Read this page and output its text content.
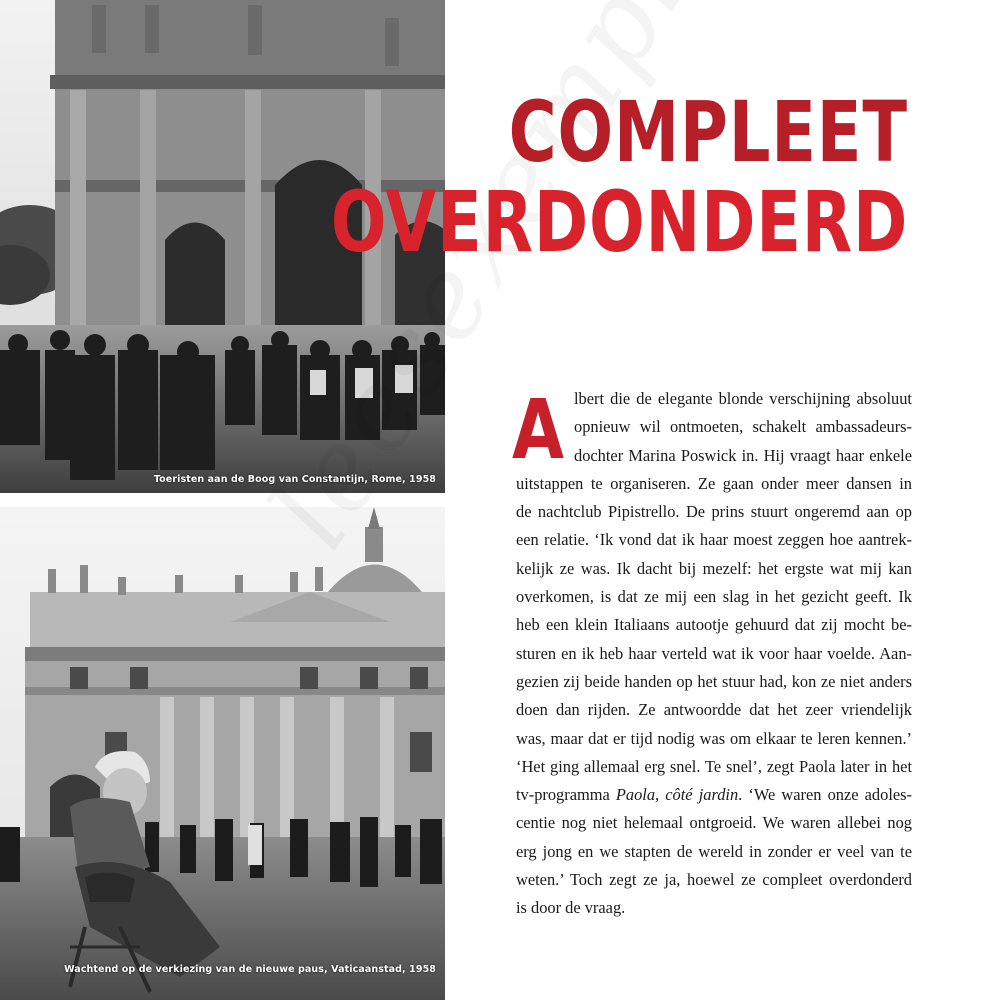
Toeristen aan de Boog van Constantijn, Rome, 1958
Wachtend op de verkiezing van de nieuwe paus, Vaticaanstad, 1958
COMPLEET
OVERDONDERD
A lbert die de elegante blonde verschijning absoluut
opnieuw wil ontmoeten, schakelt ambassadeurs-
dochter Marina Poswick in. Hij vraagt haar enkele
uitstappen te organiseren. Ze gaan onder meer dansen in
de nachtclub Pipistrello. De prins stuurt ongeremd aan op
een relatie. ‘Ik vond dat ik haar moest zeggen hoe aantrek-
kelijk ze was. Ik dacht bij mezelf: het ergste wat mij kan
overkomen, is dat ze mij een slag in het gezicht geeft. Ik
heb een klein Italiaans autootje gehuurd dat zij mocht be-
sturen en ik heb haar verteld wat ik voor haar voelde. Aan-
gezien zij beide handen op het stuur had, kon ze niet anders
doen dan rijden. Ze antwoordde dat het zeer vriendelijk
was, maar dat er tijd nodig was om elkaar te leren kennen.’
‘Het ging allemaal erg snel. Te snel’, zegt Paola later in het
tv-programma Paola, côté jardin. ‘We waren onze adoles-
centie nog niet helemaal ontgroeid. We waren allebei nog
erg jong en we stapten de wereld in zonder er veel van te
weten.’ Toch zegt ze ja, hoewel ze compleet overdonderd
is door de vraag.
